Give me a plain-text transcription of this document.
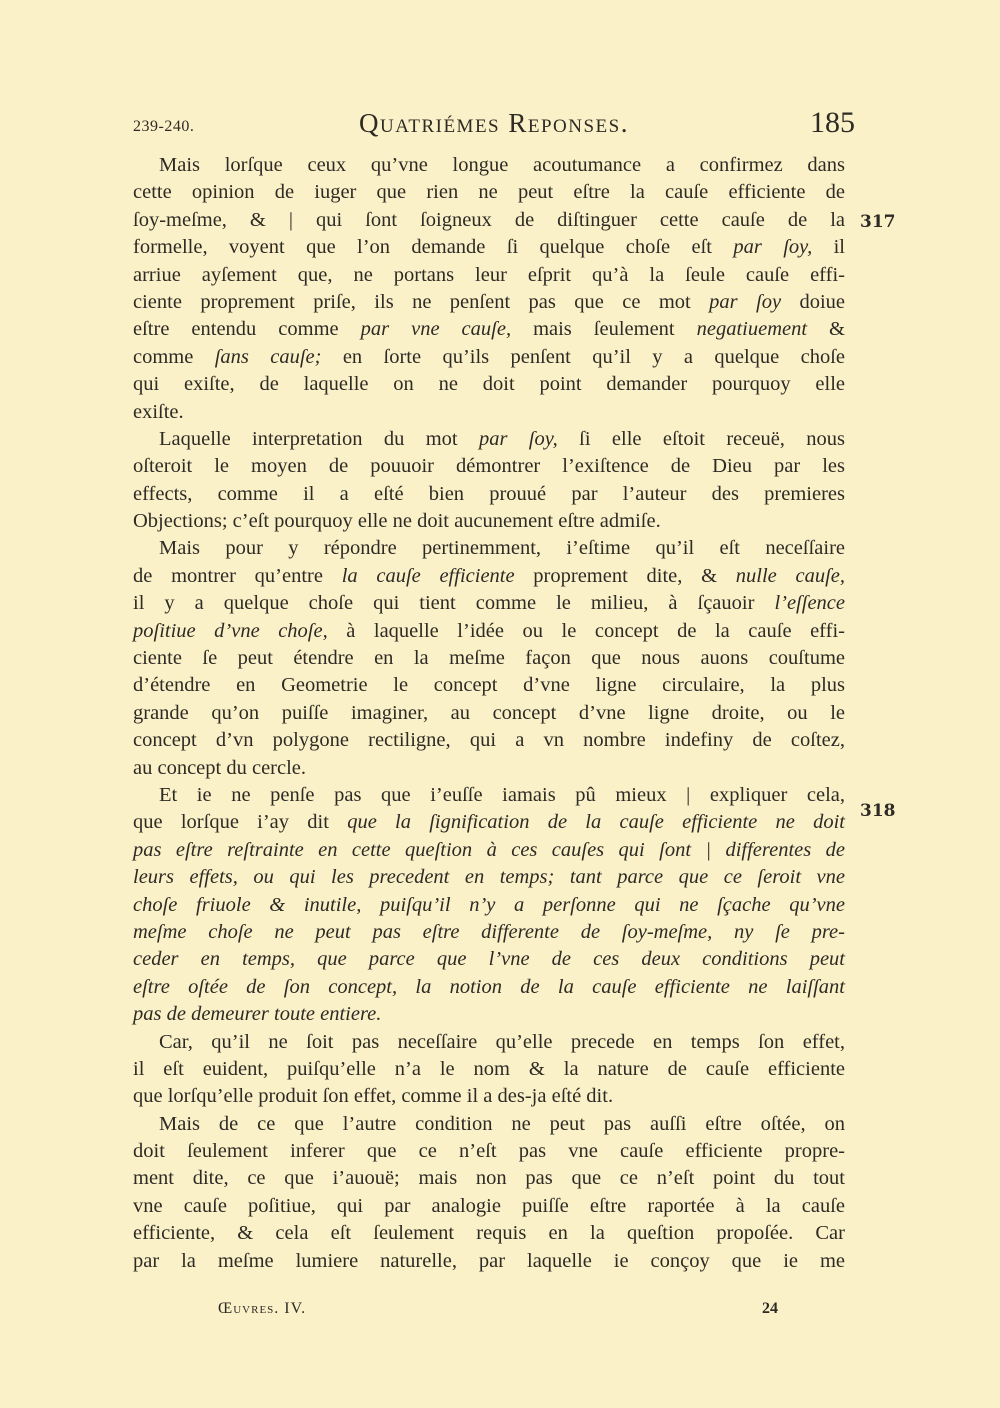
239-240.	Quatriémes Reponses.	185
Mais lorſque ceux qu’vne longue acoutumance a confirmez dans
cette opinion de iuger que rien ne peut eſtre la cauſe efficiente de
ſoy-meſme, & | qui ſont ſoigneux de diſtinguer cette cauſe de la
formelle, voyent que l’on demande ſi quelque choſe eſt par ſoy, il
arriue ayſement que, ne portans leur eſprit qu’à la ſeule cauſe effi-
ciente proprement priſe, ils ne penſent pas que ce mot par ſoy doiue
eſtre entendu comme par vne cauſe, mais ſeulement negatiuement &
comme ſans cauſe; en ſorte qu’ils penſent qu’il y a quelque choſe
qui exiſte, de laquelle on ne doit point demander pourquoy elle
exiſte.
Laquelle interpretation du mot par ſoy, ſi elle eſtoit receuë, nous
oſteroit le moyen de pouuoir démontrer l’exiſtence de Dieu par les
effects, comme il a eſté bien prouué par l’auteur des premieres
Objections; c’eſt pourquoy elle ne doit aucunement eſtre admiſe.
Mais pour y répondre pertinemment, i’eſtime qu’il eſt neceſſaire
de montrer qu’entre la cauſe efficiente proprement dite, & nulle cauſe,
il y a quelque choſe qui tient comme le milieu, à ſçauoir l’eſſence
poſitiue d’vne choſe, à laquelle l’idée ou le concept de la cauſe effi-
ciente ſe peut étendre en la meſme façon que nous auons couſtume
d’étendre en Geometrie le concept d’vne ligne circulaire, la plus
grande qu’on puiſſe imaginer, au concept d’vne ligne droite, ou le
concept d’vn polygone rectiligne, qui a vn nombre indefiny de coſtez,
au concept du cercle.
Et ie ne penſe pas que i’euſſe iamais pû mieux | expliquer cela,
que lorſque i’ay dit que la ſignification de la cauſe efficiente ne doit
pas eſtre reſtrainte en cette queſtion à ces cauſes qui ſont | differentes de
leurs effets, ou qui les precedent en temps; tant parce que ce ſeroit vne
choſe friuole & inutile, puiſqu’il n’y a perſonne qui ne ſçache qu’vne
meſme choſe ne peut pas eſtre differente de ſoy-meſme, ny ſe pre-
ceder en temps, que parce que l’vne de ces deux conditions peut
eſtre oſtée de ſon concept, la notion de la cauſe efficiente ne laiſſant
pas de demeurer toute entiere.
Car, qu’il ne ſoit pas neceſſaire qu’elle precede en temps ſon effet,
il eſt euident, puiſqu’elle n’a le nom & la nature de cauſe efficiente
que lorſqu’elle produit ſon effet, comme il a des-ja eſté dit.
Mais de ce que l’autre condition ne peut pas auſſi eſtre oſtée, on
doit ſeulement inferer que ce n’eſt pas vne cauſe efficiente propre-
ment dite, ce que i’auouë; mais non pas que ce n’eſt point du tout
vne cauſe poſitiue, qui par analogie puiſſe eſtre raportée à la cauſe
efficiente, & cela eſt ſeulement requis en la queſtion propoſée. Car
par la meſme lumiere naturelle, par laquelle ie conçoy que ie me
317
318
Œuvres. IV.	24
